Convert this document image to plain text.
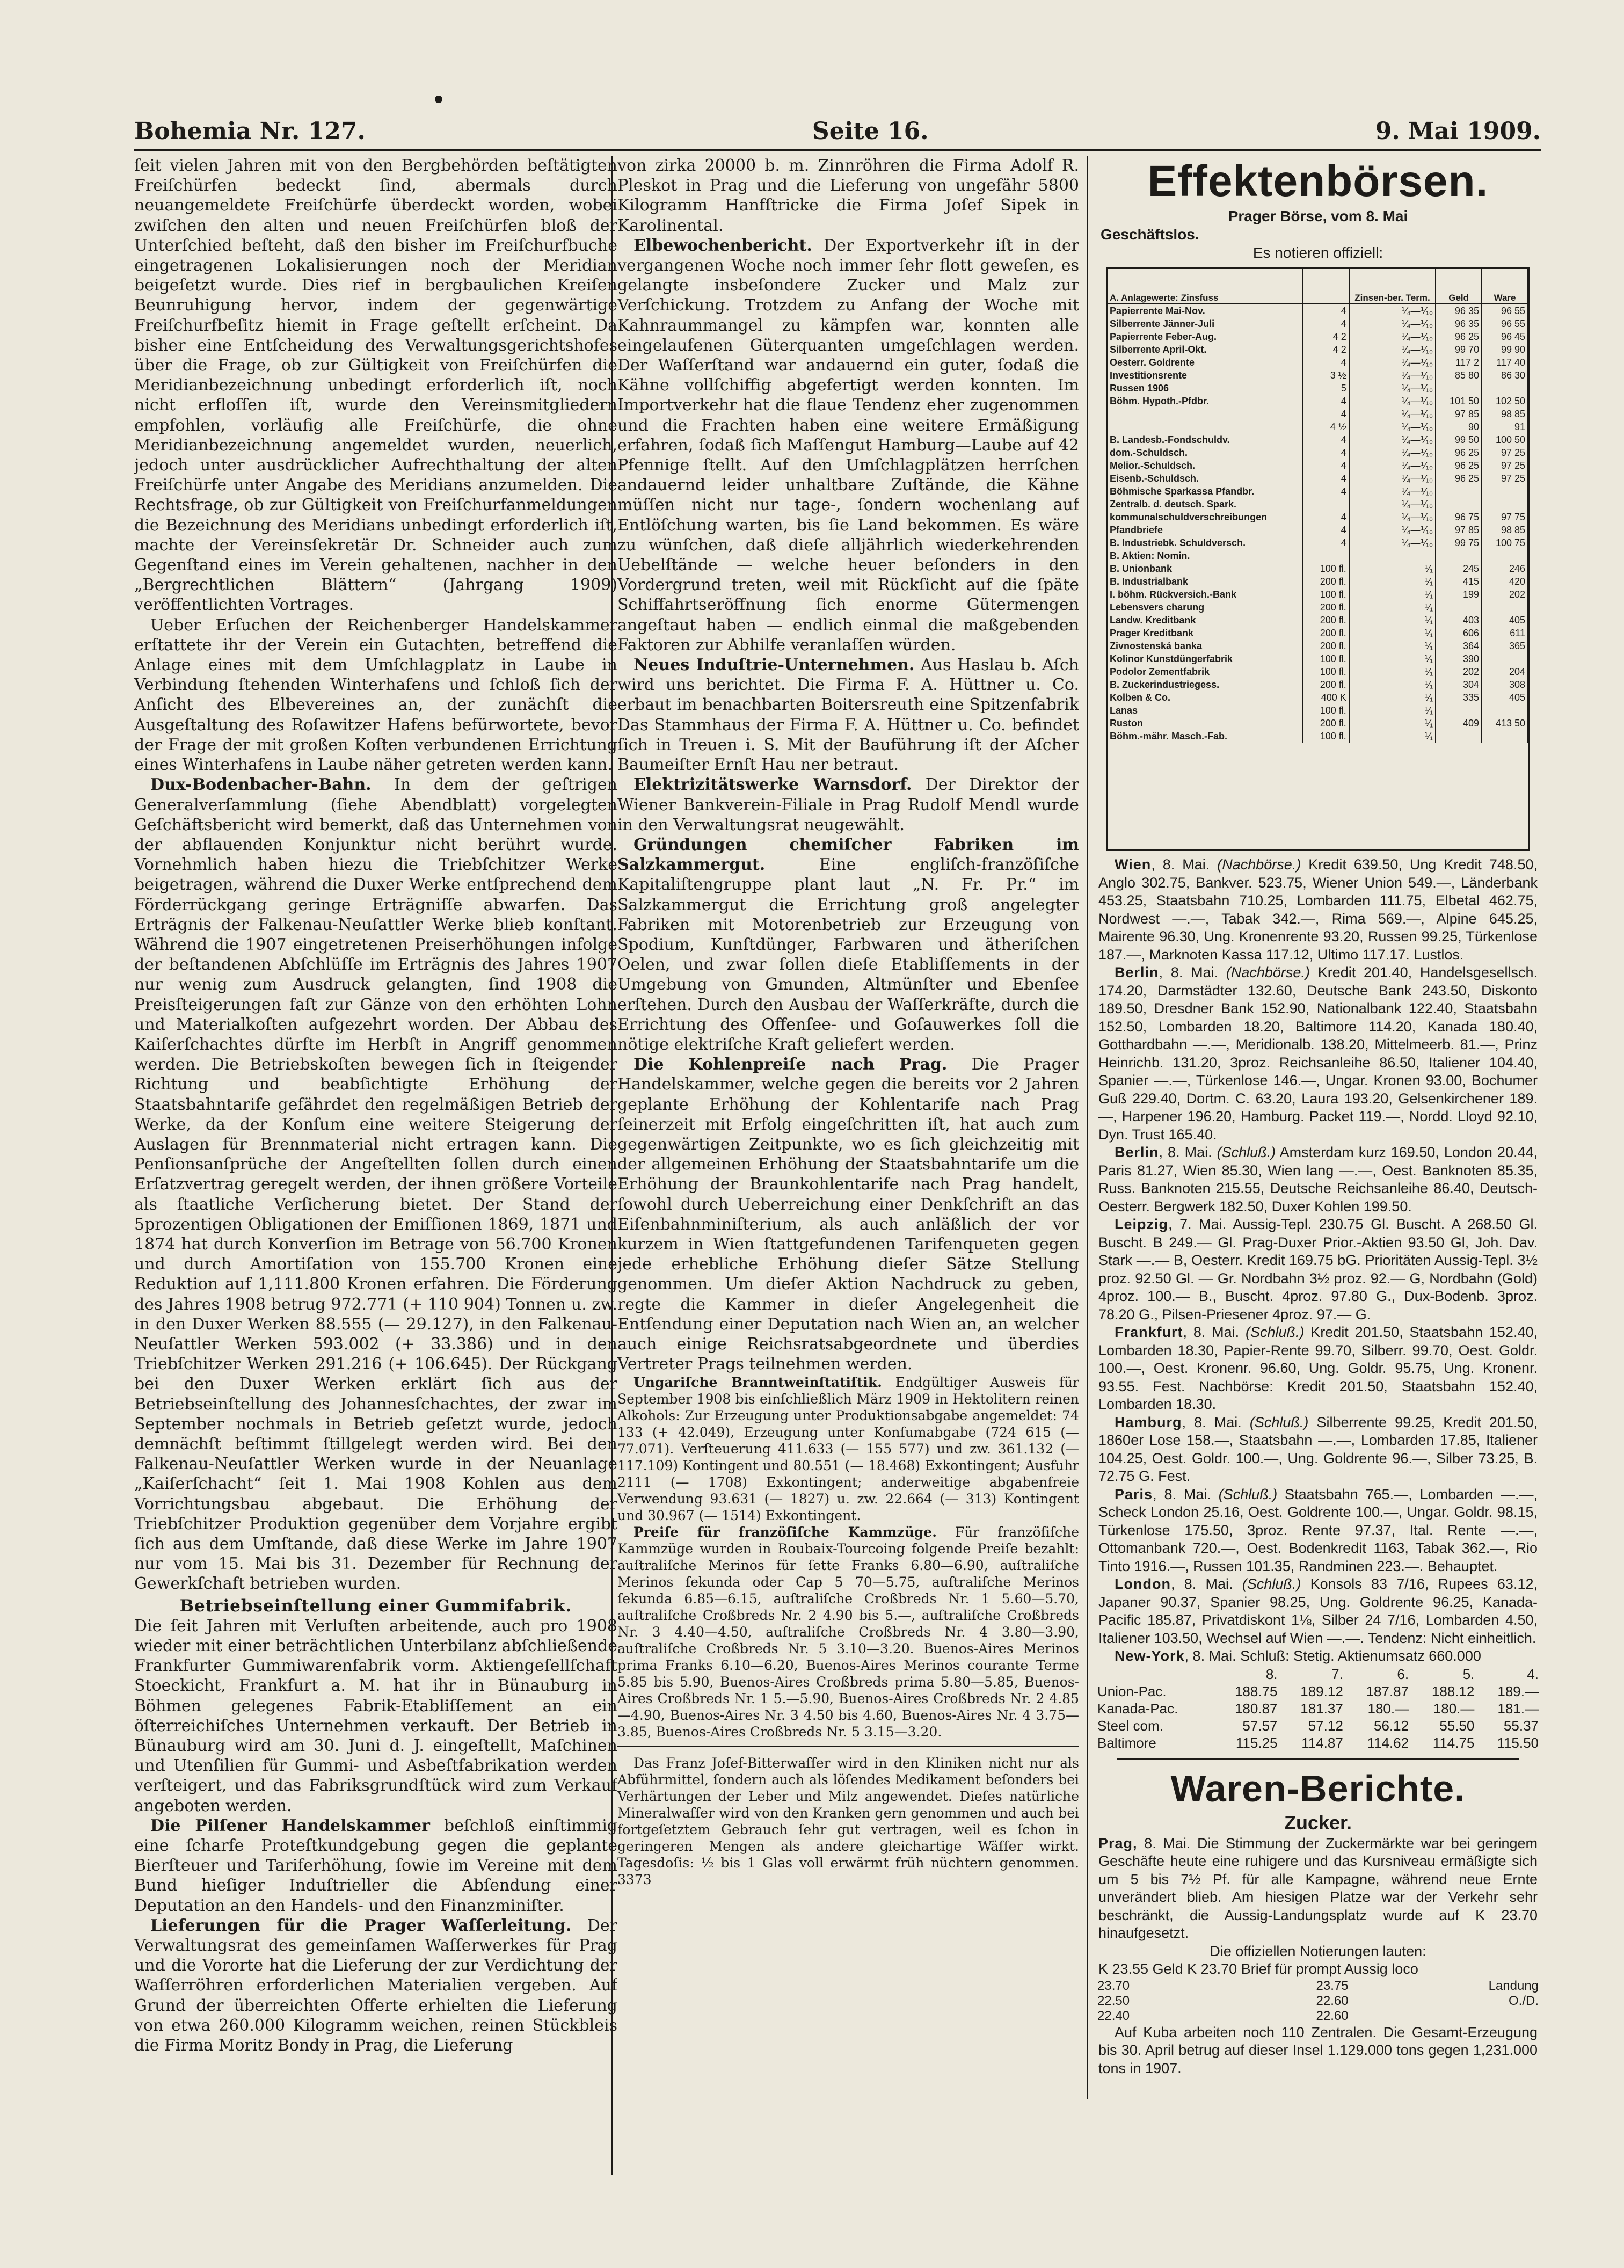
Bohemia Nr. 127.	Seite 16.	9. Mai 1909.

ſeit vielen Jahren mit von den Bergbehörden beſtätigten Freiſchürfen bedeckt ſind, abermals durch neuangemeldete Freiſchürfe überdeckt worden, wobei zwiſchen den alten und neuen Freiſchürfen bloß der Unterſchied beſteht, daß den bisher im Freiſchurfbuche eingetragenen Lokalisierungen noch der Meridian beigeſetzt wurde. Dies rief in bergbaulichen Kreiſen Beunruhigung hervor, indem der gegenwärtige Freiſchurfbeſitz hiemit in Frage geſtellt erſcheint. Da bisher eine Entſcheidung des Verwaltungsgerichtshofes über die Frage, ob zur Gültigkeit von Freiſchürfen die Meridianbezeichnung unbedingt erforderlich iſt, noch nicht erfloſſen iſt, wurde den Vereinsmitgliedern empfohlen, vorläufig alle Freiſchürfe, die ohne Meridianbezeichnung angemeldet wurden, neuerlich, jedoch unter ausdrücklicher Aufrechthaltung der alten Freiſchürfe unter Angabe des Meridians anzumelden. Die Rechtsfrage, ob zur Gültigkeit von Freiſchurfanmeldungen die Bezeichnung des Meridians unbedingt erforderlich iſt, machte der Vereinsſekretär Dr. Schneider auch zum Gegenſtand eines im Verein gehaltenen, nachher in den „Bergrechtlichen Blättern“ (Jahrgang 1909) veröffentlichten Vortrages.

Ueber Erſuchen der Reichenberger Handelskammer erſtattete ihr der Verein ein Gutachten, betreffend die Anlage eines mit dem Umſchlagplatz in Laube in Verbindung ſtehenden Winterhafens und ſchloß ſich der Anſicht des Elbevereines an, der zunächſt die Ausgeſtaltung des Roſawitzer Hafens befürwortete, bevor der Frage der mit großen Koſten verbundenen Errichtung eines Winterhafens in Laube näher getreten werden kann.

Dux-Bodenbacher-Bahn. In dem der geſtrigen Generalverſammlung (ſiehe Abendblatt) vorgelegten Geſchäftsbericht wird bemerkt, daß das Unternehmen von der abflauenden Konjunktur nicht berührt wurde. Vornehmlich haben hiezu die Triebſchitzer Werke beigetragen, während die Duxer Werke entſprechend dem Förderrückgang geringe Erträgniſſe abwarfen. Das Erträgnis der Falkenau-Neuſattler Werke blieb konſtant. Während die 1907 eingetretenen Preiserhöhungen infolge der beſtandenen Abſchlüſſe im Erträgnis des Jahres 1907 nur wenig zum Ausdruck gelangten, ſind 1908 die Preisſteigerungen faſt zur Gänze von den erhöhten Lohn und Materialkoſten aufgezehrt worden. Der Abbau des Kaiſerſchachtes dürfte im Herbſt in Angriff genommen werden. Die Betriebskoſten bewegen ſich in ſteigender Richtung und beabſichtigte Erhöhung der Staatsbahntarife gefährdet den regelmäßigen Betrieb der Werke, da der Konſum eine weitere Steigerung der Auslagen für Brennmaterial nicht ertragen kann. Die Penſionsanſprüche der Angeſtellten ſollen durch einen Erſatzvertrag geregelt werden, der ihnen größere Vorteile als ſtaatliche Verſicherung bietet. Der Stand der 5prozentigen Obligationen der Emiſſionen 1869, 1871 und 1874 hat durch Konverſion im Betrage von 56.700 Kronen und durch Amortiſation von 155.700 Kronen eine Reduktion auf 1,111.800 Kronen erfahren. Die Förderung des Jahres 1908 betrug 972.771 (+ 110 904) Tonnen u. zw. in den Duxer Werken 88.555 (— 29.127), in den Falkenau-Neuſattler Werken 593.002 (+ 33.386) und in den Triebſchitzer Werken 291.216 (+ 106.645). Der Rückgang bei den Duxer Werken erklärt ſich aus der Betriebseinſtellung des Johannesſchachtes, der zwar im September nochmals in Betrieb geſetzt wurde, jedoch demnächſt beſtimmt ſtillgelegt werden wird. Bei den Falkenau-Neuſattler Werken wurde in der Neuanlage „Kaiſerſchacht“ ſeit 1. Mai 1908 Kohlen aus dem Vorrichtungsbau abgebaut. Die Erhöhung der Triebſchitzer Produktion gegenüber dem Vorjahre ergibt ſich aus dem Umſtande, daß diese Werke im Jahre 1907 nur vom 15. Mai bis 31. Dezember für Rechnung der Gewerkſchaft betrieben wurden.

Betriebseinſtellung einer Gummifabrik.

Die ſeit Jahren mit Verluſten arbeitende, auch pro 1908 wieder mit einer beträchtlichen Unterbilanz abſchließende Frankfurter Gummiwarenfabrik vorm. Aktiengeſellſchaft Stoeckicht, Frankfurt a. M. hat ihr in Bünauburg in Böhmen gelegenes Fabrik-Etabliſſement an ein öſterreichiſches Unternehmen verkauft. Der Betrieb in Bünauburg wird am 30. Juni d. J. eingeſtellt, Maſchinen und Utenſilien für Gummi- und Asbeſtfabrikation werden verſteigert, und das Fabriksgrundſtück wird zum Verkauf angeboten werden.

Die Pilſener Handelskammer beſchloß einſtimmig eine ſcharfe Proteſtkundgebung gegen die geplante Bierſteuer und Tariferhöhung, ſowie im Vereine mit dem Bund hieſiger Induſtrieller die Abſendung einer Deputation an den Handels- und den Finanzminiſter.

Lieferungen für die Prager Waſſerleitung. Der Verwaltungsrat des gemeinſamen Waſſerwerkes für Prag und die Vororte hat die Lieferung der zur Verdichtung der Waſſerröhren erforderlichen Materialien vergeben. Auf Grund der überreichten Offerte erhielten die Lieferung von etwa 260.000 Kilogramm weichen, reinen Stückbleis die Firma Moritz Bondy in Prag, die Lieferung

von zirka 20000 b. m. Zinnröhren die Firma Adolf R. Pleskot in Prag und die Lieferung von ungefähr 5800 Kilogramm Hanfſtricke die Firma Joſef Sipek in Karolinental.

Elbewochenbericht. Der Exportverkehr iſt in der vergangenen Woche noch immer ſehr flott geweſen, es gelangte insbeſondere Zucker und Malz zur Verſchickung. Trotzdem zu Anfang der Woche mit Kahnraummangel zu kämpfen war, konnten alle eingelaufenen Güterquanten umgeſchlagen werden. Der Waſſerſtand war andauernd ein guter, ſodaß die Kähne vollſchiffig abgefertigt werden konnten. Im Importverkehr hat die flaue Tendenz eher zugenommen und die Frachten haben eine weitere Ermäßigung erfahren, ſodaß ſich Maſſengut Hamburg—Laube auf 42 Pfennige ſtellt. Auf den Umſchlagplätzen herrſchen andauernd leider unhaltbare Zuſtände, die Kähne müſſen nicht nur tage-, ſondern wochenlang auf Entlöſchung warten, bis ſie Land bekommen. Es wäre zu wünſchen, daß dieſe alljährlich wiederkehrenden Uebelſtände — welche heuer beſonders in den Vordergrund treten, weil mit Rückſicht auf die ſpäte Schiffahrtseröffnung ſich enorme Gütermengen angeſtaut haben — endlich einmal die maßgebenden Faktoren zur Abhilfe veranlaſſen würden.

Neues Induſtrie-Unternehmen. Aus Haslau b. Aſch wird uns berichtet. Die Firma F. A. Hüttner u. Co. erbaut im benachbarten Boitersreuth eine Spitzenfabrik Das Stammhaus der Firma F. A. Hüttner u. Co. befindet ſich in Treuen i. S. Mit der Bauführung iſt der Aſcher Baumeiſter Ernſt Hau ner betraut.

Elektrizitätswerke Warnsdorf. Der Direktor der Wiener Bankverein-Filiale in Prag Rudolf Mendl wurde in den Verwaltungsrat neugewählt.

Gründungen chemiſcher Fabriken im Salzkammergut.	Eine engliſch-franzöſiſche Kapitaliſtengruppe plant laut „N. Fr. Pr.“ im Salzkammergut die Errichtung groß angelegter Fabriken mit Motorenbetrieb zur Erzeugung von Spodium, Kunſtdünger, Farbwaren und ätheriſchen Oelen, und zwar ſollen dieſe Etabliſſements in der Umgebung von Gmunden, Altmünſter und Ebenſee erſtehen. Durch den Ausbau der Waſſerkräfte, durch die Errichtung des Offenſee- und Goſauwerkes ſoll die nötige elektriſche Kraft geliefert werden.

Die Kohlenpreiſe nach Prag. Die Prager Handelskammer, welche gegen die bereits vor 2 Jahren geplante Erhöhung der Kohlentarife nach Prag ſeinerzeit mit Erfolg eingeſchritten iſt, hat auch zum gegenwärtigen Zeitpunkte, wo es ſich gleichzeitig mit der allgemeinen Erhöhung der Staatsbahntarife um die Erhöhung der Braunkohlentarife nach Prag handelt, ſowohl durch Ueberreichung einer Denkſchrift an das Eiſenbahnminiſterium, als auch anläßlich der vor kurzem in Wien ſtattgefundenen Tarifenqueten gegen jede erhebliche Erhöhung dieſer Sätze Stellung genommen. Um dieſer Aktion Nachdruck zu geben, regte die Kammer in dieſer Angelegenheit die Entſendung einer Deputation nach Wien an, an welcher auch einige Reichsratsabgeordnete und überdies Vertreter Prags teilnehmen werden.

Ungariſche Branntweinſtatiſtik. Endgültiger Ausweis für September 1908 bis einſchließlich März 1909 in Hektolitern reinen Alkohols: Zur Erzeugung unter Produktionsabgabe angemeldet: 74 133 (+ 42.049), Erzeugung unter Konſumabgabe (724 615 (— 77.071). Verſteuerung 411.633 (— 155 577) und zw. 361.132 (— 117.109) Kontingent und 80.551 (— 18.468) Exkontingent; Ausfuhr 2111 (— 1708) Exkontingent; anderweitige abgabenfreie Verwendung 93.631 (— 1827) u. zw. 22.664 (— 313) Kontingent und 30.967 (— 1514) Exkontingent.

Preiſe für franzöſiſche Kammzüge. Für franzöſiſche Kammzüge wurden in Roubaix-Tourcoing folgende Preiſe bezahlt: auſtraliſche Merinos für ſette Franks 6.80—6.90, auſtraliſche Merinos ſekunda oder Cap 5 70—5.75, auſtraliſche Merinos ſekunda 6.85—6.15, auſtraliſche Croßbreds Nr. 1 5.60—5.70, auſtraliſche Croßbreds Nr. 2 4.90 bis 5.—, auſtraliſche Croßbreds Nr. 3 4.40—4.50, auſtraliſche Croßbreds Nr. 4 3.80—3.90, auſtraliſche Croßbreds Nr. 5 3.10—3.20. Buenos-Aires Merinos prima Franks 6.10—6.20, Buenos-Aires Merinos courante Terme 5.85 bis 5.90, Buenos-Aires Croßbreds prima 5.80—5.85, Buenos-Aires Croßbreds Nr. 1 5.—5.90, Buenos-Aires Croßbreds Nr. 2 4.85—4.90, Buenos-Aires Nr. 3 4.50 bis 4.60, Buenos-Aires Nr. 4 3.75—3.85, Buenos-Aires Croßbreds Nr. 5 3.15—3.20.

Das Franz Joſef-Bitterwaſſer wird in den Kliniken nicht nur als Abführmittel, ſondern auch als löſendes Medikament beſonders bei Verhärtungen der Leber und Milz angewendet. Dieſes natürliche Mineralwaſſer wird von den Kranken gern genommen und auch bei fortgeſetztem Gebrauch ſehr gut vertragen, weil es ſchon in geringeren Mengen als andere gleichartige Wäſſer wirkt. Tagesdoſis: ½ bis 1 Glas voll erwärmt früh nüchtern genommen. 3373

Effektenbörsen.
Prager Börse, vom 8. Mai
Geschäftslos.
Es notieren offiziell:
A. Anlagewerte: Zinsfuss		Zinsen-ber. Term.	Geld	Ware
Papierrente Mai-Nov.	4	⅟₄—⅟₁₀	96 35	96 55
Silberrente Jänner-Juli	4	⅟₄—⅟₁₀	96 35	96 55
Papierrente Feber-Aug.	4 2	⅟₄—⅟₁₀	96 25	96 45
Silberrente April-Okt.	4 2	⅟₄—⅟₁₀	99 70	99 90
Oesterr. Goldrente	4	⅟₄—⅟₁₀	117 2	117 40
Investitionsrente	3 ½	⅟₄—⅟₁₀	85 80	86 30
Russen 1906	5	⅟₄—⅟₁₀		
Böhm. Hypoth.-Pfdbr.	4	⅟₄—⅟₁₀	101 50	102 50
	4	⅟₄—⅟₁₀	97 85	98 85
	4 ½	⅟₄—⅟₁₀	90	91
B. Landesb.-Fondschuldv.	4	⅟₄—⅟₁₀	99 50	100 50
dom.-Schuldsch.	4	⅟₄—⅟₁₀	96 25	97 25
Melior.-Schuldsch.	4	⅟₄—⅟₁₀	96 25	97 25
Eisenb.-Schuldsch.	4	⅟₄—⅟₁₀	96 25	97 25
Böhmische Sparkassa Pfandbr.	4	⅟₄—⅟₁₀		
Zentralb. d. deutsch. Spark.		⅟₄—⅟₁₀		
kommunalschuldverschreibungen	4	⅟₄—⅟₁₀	96 75	97 75
Pfandbriefe	4	⅟₄—⅟₁₀	97 85	98 85
B. Industriebk. Schuldversch.	4	⅟₄—⅟₁₀	99 75	100 75
B. Aktien: Nomin.				
B. Unionbank	100 fl.	⅟₁	245	246
B. Industrialbank	200 fl.	⅟₁	415	420
I. böhm. Rückversich.-Bank	100 fl.	⅟₁	199	202
Lebensvers charung	200 fl.	⅟₁		
Landw. Kreditbank	200 fl.	⅟₁	403	405
Prager Kreditbank	200 fl.	⅟₁	606	611
Zivnostenská banka	200 fl.	⅟₁	364	365
Kolinor Kunstdüngerfabrik	100 fl.	⅟₁	390	
Podolor Zementfabrik	100 fl.	⅟₁	202	204
B. Zuckerindustriegess.	200 fl.	⅟₁	304	308
Kolben & Co.	400 K	⅟₁	335	405
Lanas	100 fl.	⅟₁		
Ruston	200 fl.	⅟₁	409	413 50
Böhm.-mähr. Masch.-Fab.	100 fl.	⅟₁		

Wien, 8. Mai. (Nachbörse.) Kredit 639.50, Ung Kredit 748.50, Anglo 302.75, Bankver. 523.75, Wiener Union 549.—, Länderbank 453.25, Staatsbahn 710.25, Lombarden 111.75, Elbetal 462.75, Nordwest —.—, Tabak 342.—, Rima 569.—, Alpine 645.25, Mairente 96.30, Ung. Kronenrente 93.20, Russen 99.25, Türkenlose 187.—, Marknoten Kassa 117.12, Ultimo 117.17. Lustlos.

Berlin, 8. Mai. (Nachbörse.) Kredit 201.40, Handelsgesellsch. 174.20, Darmstädter 132.60, Deutsche Bank 243.50, Diskonto 189.50, Dresdner Bank 152.90, Nationalbank 122.40, Staatsbahn 152.50, Lombarden 18.20, Baltimore 114.20, Kanada 180.40, Gotthardbahn —.—, Meridionalb. 138.20, Mittelmeerb. 81.—, Prinz Heinrichb. 131.20, 3proz. Reichsanleihe 86.50, Italiener 104.40, Spanier —.—, Türkenlose 146.—, Ungar. Kronen 93.00, Bochumer Guß 229.40, Dortm. C. 63.20, Laura 193.20, Gelsenkirchener 189.—, Harpener 196.20, Hamburg. Packet 119.—, Nordd. Lloyd 92.10, Dyn. Trust 165.40.

Berlin, 8. Mai. (Schluß.) Amsterdam kurz 169.50, London 20.44, Paris 81.27, Wien 85.30, Wien lang —.—, Oest. Banknoten 85.35, Russ. Banknoten 215.55, Deutsche Reichsanleihe 86.40, Deutsch-Oesterr. Bergwerk 182.50, Duxer Kohlen 199.50.

Leipzig, 7. Mai. Aussig-Tepl. 230.75 Gl. Buscht. A 268.50 Gl. Buscht. B 249.— Gl. Prag-Duxer Prior.-Aktien 93.50 Gl, Joh. Dav. Stark —.— B, Oesterr. Kredit 169.75 bG. Prioritäten Aussig-Tepl. 3½ proz. 92.50 Gl. — Gr. Nordbahn 3½ proz. 92.— G, Nordbahn (Gold) 4proz. 100.— B., Buscht. 4proz. 97.80 G., Dux-Bodenb. 3proz. 78.20 G., Pilsen-Priesener 4proz. 97.— G.

Frankfurt, 8. Mai. (Schluß.) Kredit 201.50, Staatsbahn 152.40, Lombarden 18.30, Papier-Rente 99.70, Silberr. 99.70, Oest. Goldr. 100.—, Oest. Kronenr. 96.60, Ung. Goldr. 95.75, Ung. Kronenr. 93.55. Fest. Nachbörse: Kredit 201.50, Staatsbahn 152.40, Lombarden 18.30.

Hamburg, 8. Mai. (Schluß.) Silberrente 99.25, Kredit 201.50, 1860er Lose 158.—, Staatsbahn —.—, Lombarden 17.85, Italiener 104.25, Oest. Goldr. 100.—, Ung. Goldrente 96.—, Silber 73.25, B. 72.75 G. Fest.

Paris, 8. Mai. (Schluß.) Staatsbahn 765.—, Lombarden —.—, Scheck London 25.16, Oest. Goldrente 100.—, Ungar. Goldr. 98.15, Türkenlose 175.50, 3proz. Rente 97.37, Ital. Rente —.—, Ottomanbank 720.—, Oest. Bodenkredit 1163, Tabak 362.—, Rio Tinto 1916.—, Russen 101.35, Randminen 223.—. Behauptet.

London, 8. Mai. (Schluß.) Konsols 83 7/16, Rupees 63.12, Japaner 90.37, Spanier 98.25, Ung. Goldrente 96.25, Kanada-Pacific 185.87, Privatdiskont 1⅛, Silber 24 7/16, Lombarden 4.50, Italiener 103.50, Wechsel auf Wien —.—. Tendenz: Nicht einheitlich.

New-York, 8. Mai. Schluß: Stetig. Aktienumsatz 660.000

	8.	7.	6.	5.	4.
Union-Pac.	188.75	189.12	187.87	188.12	189.—
Kanada-Pac.	180.87	181.37	180.—	180.—	181.—
Steel com.	57.57	57.12	56.12	55.50	55.37
Baltimore	115.25	114.87	114.62	114.75	115.50
Waren-Berichte.
Zucker.

Prag, 8. Mai. Die Stimmung der Zuckermärkte war bei geringem Geschäfte heute eine ruhigere und das Kursniveau ermäßigte sich um 5 bis 7½ Pf. für alle Kampagne, während neue Ernte unverändert blieb. Am hiesigen Platze war der Verkehr sehr beschränkt, die Aussig-Landungsplatz wurde auf K 23.70 hinaufgesetzt.

Die offiziellen Notierungen lauten:

K 23.55 Geld K 23.70 Brief für prompt Aussig loco

23.70	23.75	Landung
22.50	22.60	O./D.
22.40	22.60	

Auf Kuba arbeiten noch 110 Zentralen. Die Gesamt-Erzeugung bis 30. April betrug auf dieser Insel 1.129.000 tons gegen 1,231.000 tons in 1907.
